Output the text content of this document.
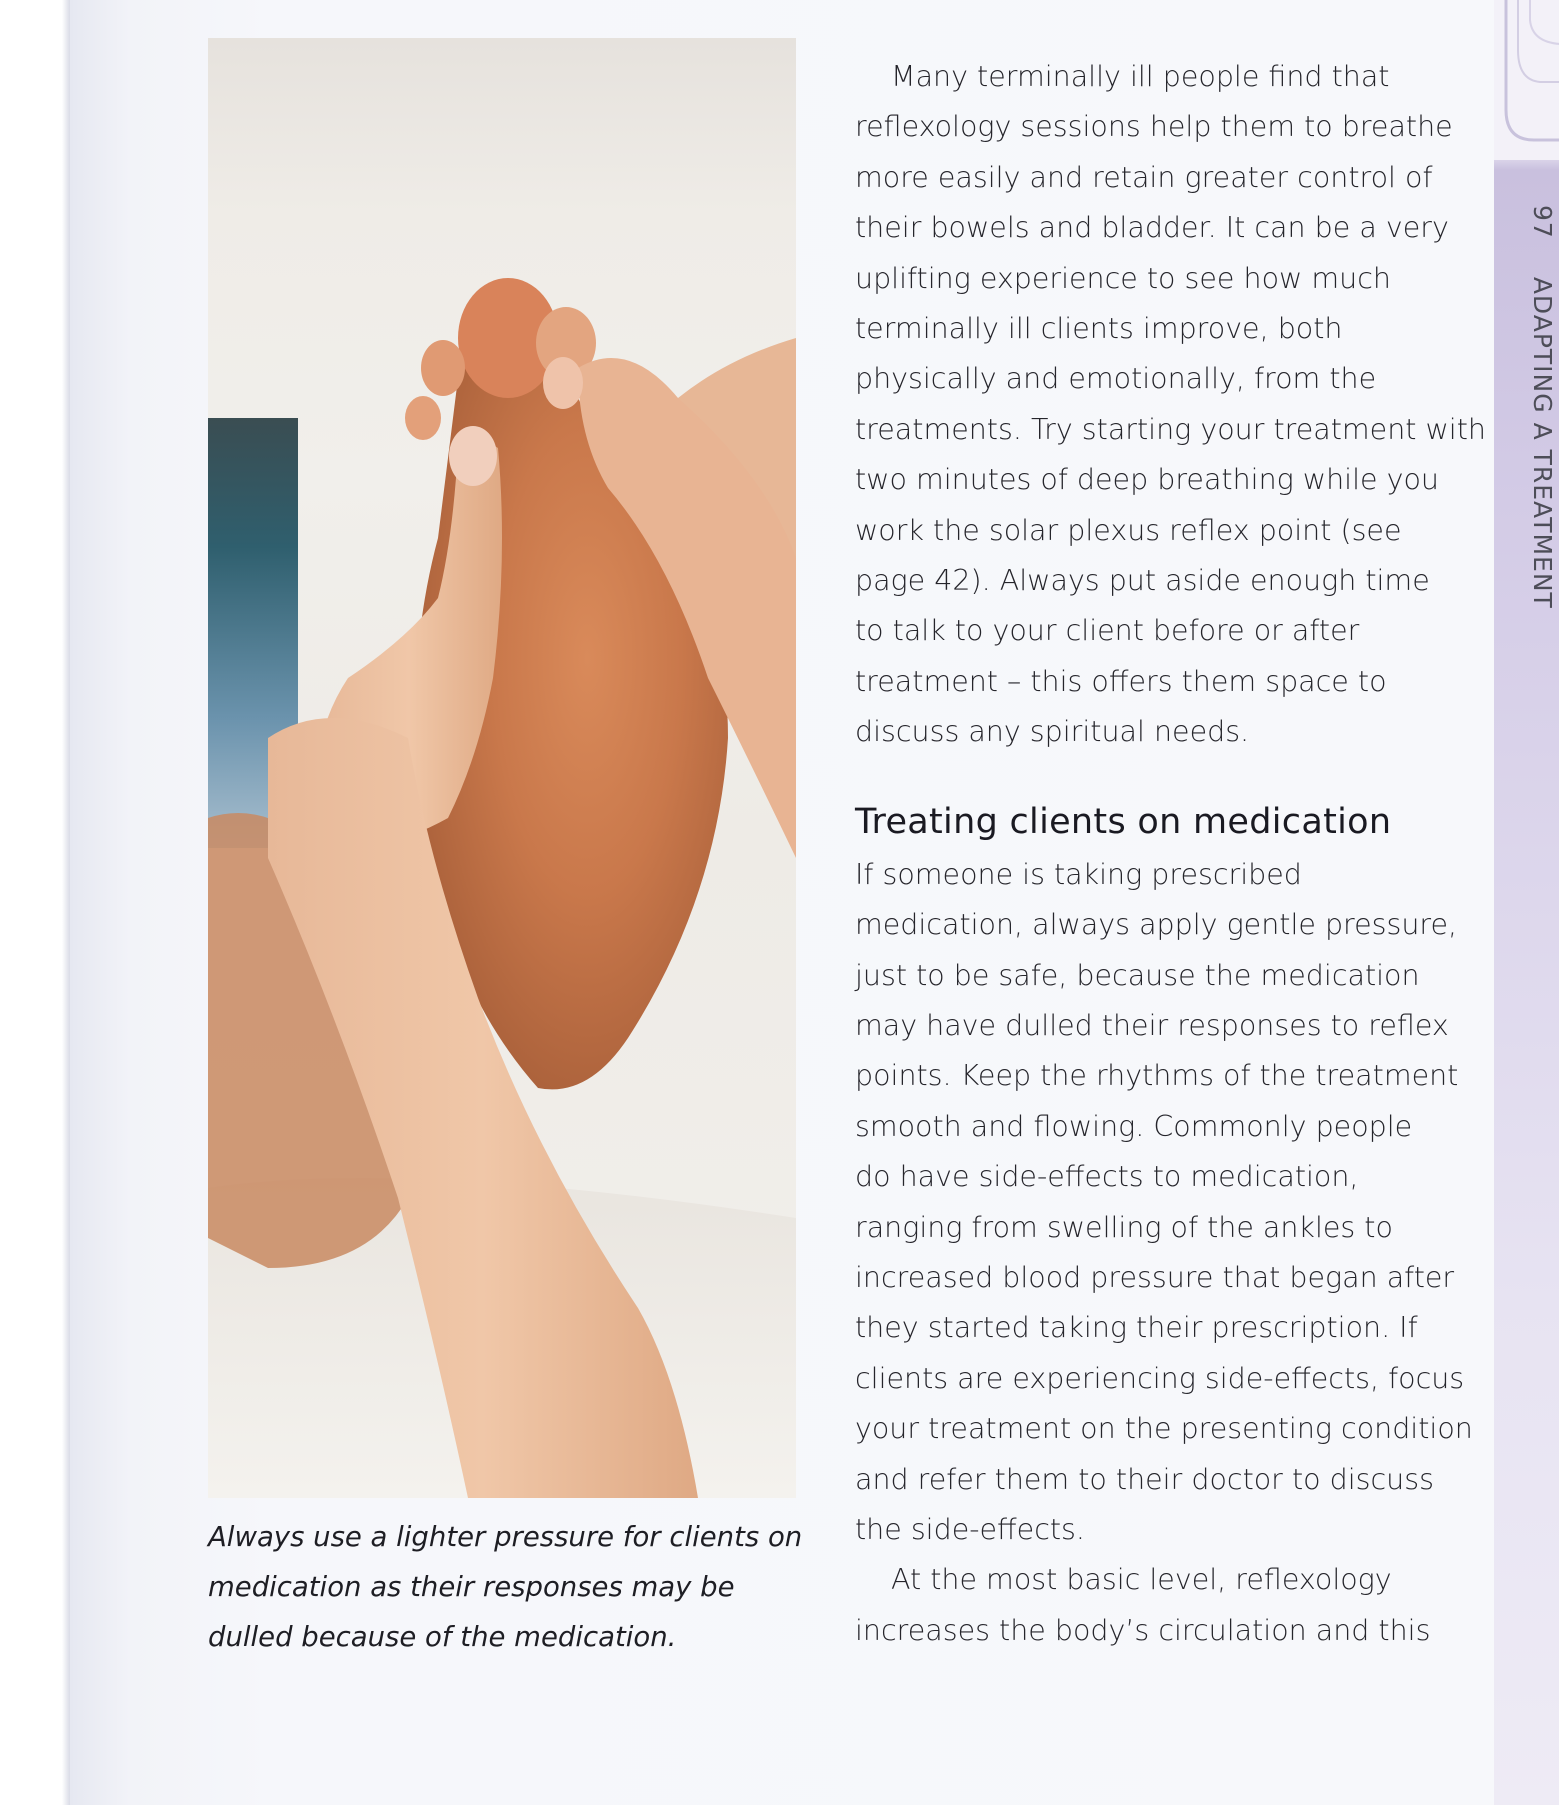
97ADAPTING A TREATMENT
Always use a lighter pressure for clients on
medication as their responses may be
dulled because of the medication.
Many terminally ill people find that
reflexology sessions help them to breathe
more easily and retain greater control of
their bowels and bladder. It can be a very
uplifting experience to see how much
terminally ill clients improve, both
physically and emotionally, from the
treatments. Try starting your treatment with
two minutes of deep breathing while you
work the solar plexus reflex point (see
page 42). Always put aside enough time
to talk to your client before or after
treatment – this offers them space to
discuss any spiritual needs.
Treating clients on medication
If someone is taking prescribed
medication, always apply gentle pressure,
just to be safe, because the medication
may have dulled their responses to reflex
points. Keep the rhythms of the treatment
smooth and flowing. Commonly people
do have side-effects to medication,
ranging from swelling of the ankles to
increased blood pressure that began after
they started taking their prescription. If
clients are experiencing side-effects, focus
your treatment on the presenting condition
and refer them to their doctor to discuss
the side-effects.
At the most basic level, reflexology
increases the body’s circulation and this
